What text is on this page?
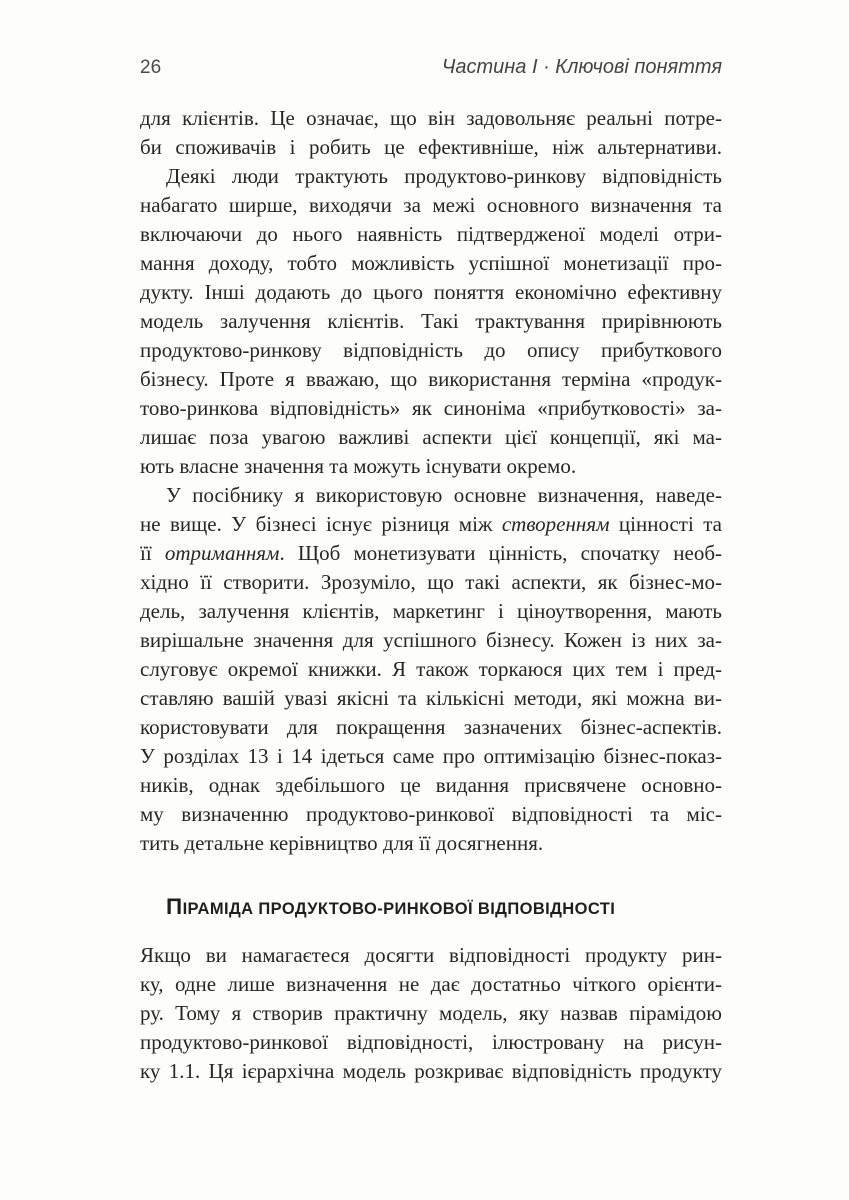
26	Частина I · Ключові поняття
для клієнтів. Це означає, що він задовольняє реальні потре-
би споживачів і робить це ефективніше, ніж альтернативи.
Деякі люди трактують продуктово-ринкову відповідність
набагато ширше, виходячи за межі основного визначення та
включаючи до нього наявність підтвердженої моделі отри-
мання доходу, тобто можливість успішної монетизації про-
дукту. Інші додають до цього поняття економічно ефективну
модель залучення клієнтів. Такі трактування прирівнюють
продуктово-ринкову відповідність до опису прибуткового
бізнесу. Проте я вважаю, що використання терміна «продук-
тово-ринкова відповідність» як синоніма «прибутковості» за-
лишає поза увагою важливі аспекти цієї концепції, які ма-
ють власне значення та можуть існувати окремо.
У посібнику я використовую основне визначення, наведе-
не вище. У бізнесі існує різниця між створенням цінності та
її отриманням. Щоб монетизувати цінність, спочатку необ-
хідно її створити. Зрозуміло, що такі аспекти, як бізнес-мо-
дель, залучення клієнтів, маркетинг і ціноутворення, мають
вирішальне значення для успішного бізнесу. Кожен із них за-
слуговує окремої книжки. Я також торкаюся цих тем і пред-
ставляю вашій увазі якісні та кількісні методи, які можна ви-
користовувати для покращення зазначених бізнес-аспектів.
У розділах 13 і 14 ідеться саме про оптимізацію бізнес-показ-
ників, однак здебільшого це видання присвячене основно-
му визначенню продуктово-ринкової відповідності та міс-
тить детальне керівництво для її досягнення.
ПІРАМІДА ПРОДУКТОВО-РИНКОВОЇ ВІДПОВІДНОСТІ
Якщо ви намагаєтеся досягти відповідності продукту рин-
ку, одне лише визначення не дає достатньо чіткого орієнти-
ру. Тому я створив практичну модель, яку назвав пірамідою
продуктово-ринкової відповідності, ілюстровану на рисун-
ку 1.1. Ця ієрархічна модель розкриває відповідність продукту
